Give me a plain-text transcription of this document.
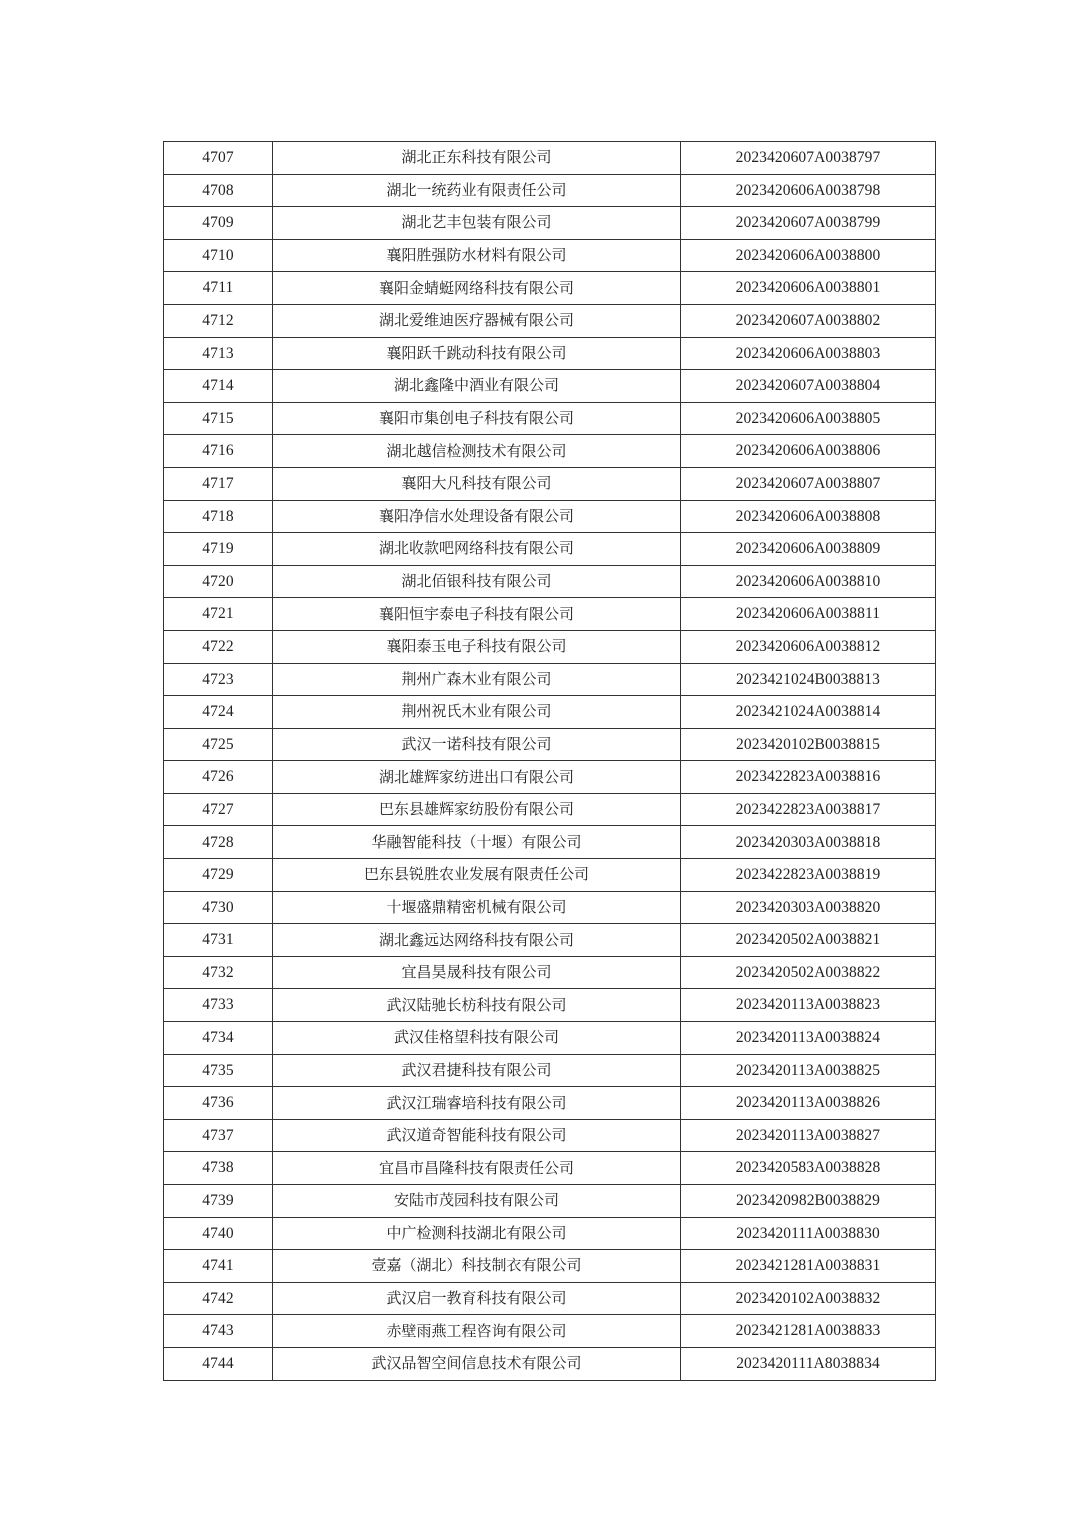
4707	湖北正东科技有限公司	2023420607A0038797
4708	湖北一统药业有限责任公司	2023420606A0038798
4709	湖北艺丰包装有限公司	2023420607A0038799
4710	襄阳胜强防水材料有限公司	2023420606A0038800
4711	襄阳金蜻蜓网络科技有限公司	2023420606A0038801
4712	湖北爱维迪医疗器械有限公司	2023420607A0038802
4713	襄阳跃千跳动科技有限公司	2023420606A0038803
4714	湖北鑫隆中酒业有限公司	2023420607A0038804
4715	襄阳市集创电子科技有限公司	2023420606A0038805
4716	湖北越信检测技术有限公司	2023420606A0038806
4717	襄阳大凡科技有限公司	2023420607A0038807
4718	襄阳净信水处理设备有限公司	2023420606A0038808
4719	湖北收款吧网络科技有限公司	2023420606A0038809
4720	湖北佰银科技有限公司	2023420606A0038810
4721	襄阳恒宇泰电子科技有限公司	2023420606A0038811
4722	襄阳泰玉电子科技有限公司	2023420606A0038812
4723	荆州广森木业有限公司	2023421024B0038813
4724	荆州祝氏木业有限公司	2023421024A0038814
4725	武汉一诺科技有限公司	2023420102B0038815
4726	湖北雄辉家纺进出口有限公司	2023422823A0038816
4727	巴东县雄辉家纺股份有限公司	2023422823A0038817
4728	华融智能科技（十堰）有限公司	2023420303A0038818
4729	巴东县锐胜农业发展有限责任公司	2023422823A0038819
4730	十堰盛鼎精密机械有限公司	2023420303A0038820
4731	湖北鑫远达网络科技有限公司	2023420502A0038821
4732	宜昌昊晟科技有限公司	2023420502A0038822
4733	武汉陆驰长枋科技有限公司	2023420113A0038823
4734	武汉佳格望科技有限公司	2023420113A0038824
4735	武汉君捷科技有限公司	2023420113A0038825
4736	武汉江瑞睿培科技有限公司	2023420113A0038826
4737	武汉道奇智能科技有限公司	2023420113A0038827
4738	宜昌市昌隆科技有限责任公司	2023420583A0038828
4739	安陆市茂园科技有限公司	2023420982B0038829
4740	中广检测科技湖北有限公司	2023420111A0038830
4741	壹嘉（湖北）科技制衣有限公司	2023421281A0038831
4742	武汉启一教育科技有限公司	2023420102A0038832
4743	赤壁雨燕工程咨询有限公司	2023421281A0038833
4744	武汉品智空间信息技术有限公司	2023420111A8038834
